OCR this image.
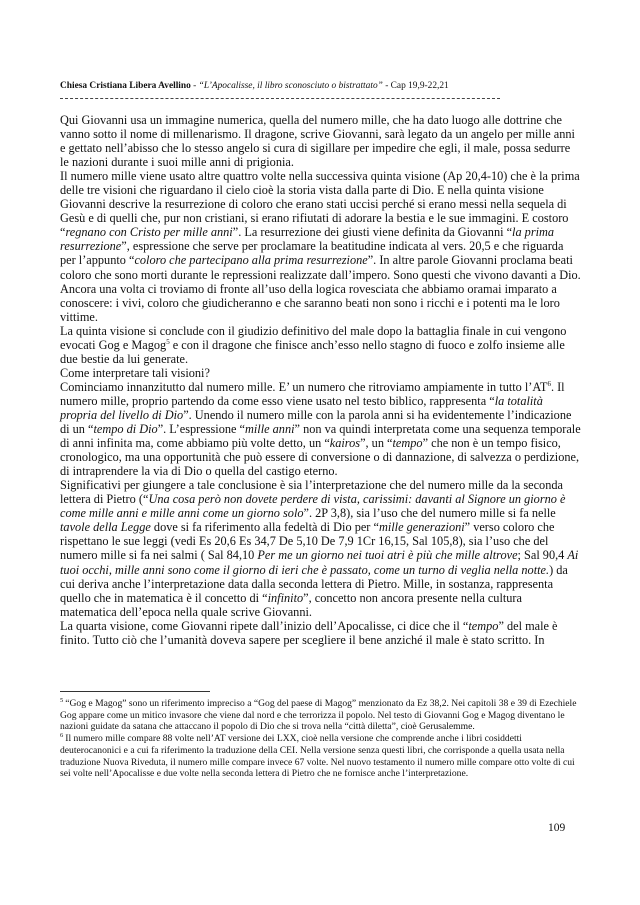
Chiesa Cristiana Libera Avellino - “L’Apocalisse, il libro sconosciuto o bistrattato” - Cap 19,9-22,21

Qui Giovanni usa un immagine numerica, quella del numero mille, che ha dato luogo alle dottrine che vanno sotto il nome di millenarismo. Il dragone, scrive Giovanni, sarà legato da un angelo per mille anni e gettato nell’abisso che lo stesso angelo si cura di sigillare per impedire che egli, il male, possa sedurre le nazioni durante i suoi mille anni di prigionia.

Il numero mille viene usato altre quattro volte nella successiva quinta visione (Ap 20,4-10) che è la prima delle tre visioni che riguardano il cielo cioè la storia vista dalla parte di Dio. E nella quinta visione Giovanni descrive la resurrezione di coloro che erano stati uccisi perché si erano messi nella sequela di Gesù e di quelli che, pur non cristiani, si erano rifiutati di adorare la bestia e le sue immagini. E costoro “regnano con Cristo per mille anni”. La resurrezione dei giusti viene definita da Giovanni “la prima resurrezione”, espressione che serve per proclamare la beatitudine indicata al vers. 20,5 e che riguarda per l’appunto “coloro che partecipano alla prima resurrezione”. In altre parole Giovanni proclama beati coloro che sono morti durante le repressioni realizzate dall’impero. Sono questi che vivono davanti a Dio. Ancora una volta ci troviamo di fronte all’uso della logica rovesciata che abbiamo oramai imparato a conoscere: i vivi, coloro che giudicheranno e che saranno beati non sono i ricchi e i potenti ma le loro vittime.

La quinta visione si conclude con il giudizio definitivo del male dopo la battaglia finale in cui vengono evocati Gog e Magog$^5$ e con il dragone che finisce anch’esso nello stagno di fuoco e zolfo insieme alle due bestie da lui generate.

Come interpretare tali visioni?

Cominciamo innanzitutto dal numero mille. E’ un numero che ritroviamo ampiamente in tutto l’AT$^6$. Il numero mille, proprio partendo da come esso viene usato nel testo biblico, rappresenta “la totalità propria del livello di Dio”. Unendo il numero mille con la parola anni si ha evidentemente l’indicazione di un “tempo di Dio”. L’espressione “mille anni” non va quindi interpretata come una sequenza temporale di anni infinita ma, come abbiamo più volte detto, un “kairos”, un “tempo” che non è un tempo fisico, cronologico, ma una opportunità che può essere di conversione o di dannazione, di salvezza o perdizione, di intraprendere la via di Dio o quella del castigo eterno.

Significativi per giungere a tale conclusione è sia l’interpretazione che del numero mille da la seconda lettera di Pietro (“Una cosa però non dovete perdere di vista, carissimi: davanti al Signore un giorno è come mille anni e mille anni come un giorno solo”. 2P 3,8), sia l’uso che del numero mille si fa nelle tavole della Legge dove si fa riferimento alla fedeltà di Dio per “mille generazioni” verso coloro che rispettano le sue leggi (vedi Es 20,6 Es 34,7 De 5,10 De 7,9 1Cr 16,15, Sal 105,8), sia l’uso che del numero mille si fa nei salmi ( Sal 84,10 Per me un giorno nei tuoi atri è più che mille altrove; Sal 90,4 Ai tuoi occhi, mille anni sono come il giorno di ieri che è passato, come un turno di veglia nella notte.) da cui deriva anche l’interpretazione data dalla seconda lettera di Pietro. Mille, in sostanza, rappresenta quello che in matematica è il concetto di “infinito”, concetto non ancora presente nella cultura matematica dell’epoca nella quale scrive Giovanni.

La quarta visione, come Giovanni ripete dall’inizio dell’Apocalisse, ci dice che il “tempo” del male è finito. Tutto ciò che l’umanità doveva sapere per scegliere il bene anziché il male è stato scritto. In

$^5$ “Gog e Magog” sono un riferimento impreciso a “Gog del paese di Magog” menzionato da Ez 38,2. Nei capitoli 38 e 39 di Ezechiele Gog appare come un mitico invasore che viene dal nord e che terrorizza il popolo. Nel testo di Giovanni Gog e Magog diventano le nazioni guidate da satana che attaccano il popolo di Dio che si trova nella “città diletta”, cioè Gerusalemme.

$^6$ Il numero mille compare 88 volte nell’AT versione dei LXX, cioè nella versione che comprende anche i libri cosiddetti deuterocanonici e a cui fa riferimento la traduzione della CEI. Nella versione senza questi libri, che corrisponde a quella usata nella traduzione Nuova Riveduta, il numero mille compare invece 67 volte. Nel nuovo testamento il numero mille compare otto volte di cui sei volte nell’Apocalisse e due volte nella seconda lettera di Pietro che ne fornisce anche l’interpretazione.

109
